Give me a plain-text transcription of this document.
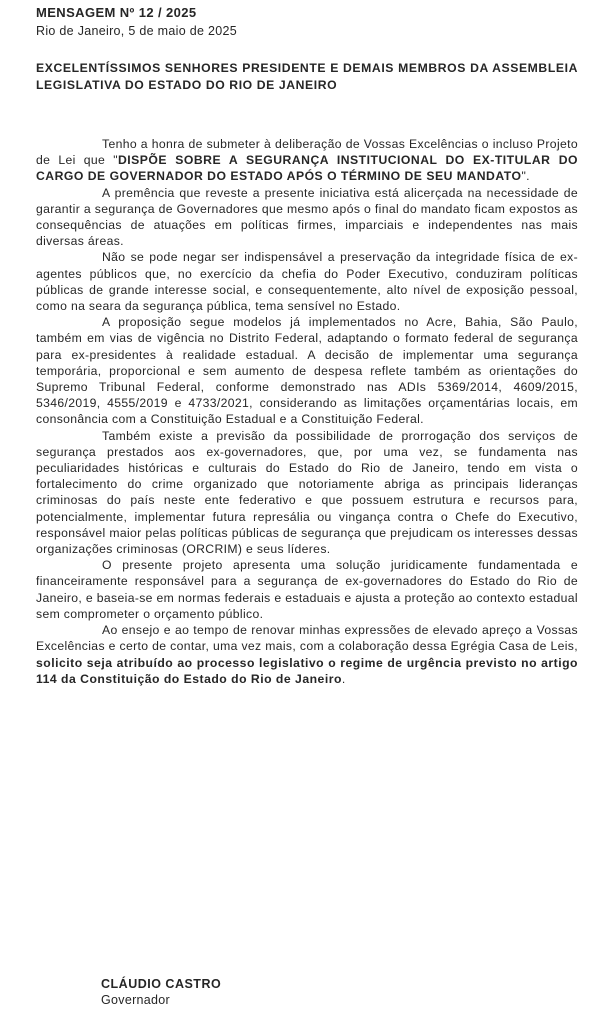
MENSAGEM Nº 12 / 2025
Rio de Janeiro, 5 de maio de 2025

EXCELENTÍSSIMOS SENHORES PRESIDENTE E DEMAIS MEMBROS DA ASSEMBLEIA LEGISLATIVA DO ESTADO DO RIO DE JANEIRO

Tenho a honra de submeter à deliberação de Vossas Excelências o incluso Projeto de Lei que "DISPÕE SOBRE A SEGURANÇA INSTITUCIONAL DO EX-TITULAR DO CARGO DE GOVERNADOR DO ESTADO APÓS O TÉRMINO DE SEU MANDATO".

A premência que reveste a presente iniciativa está alicerçada na necessidade de garantir a segurança de Governadores que mesmo após o final do mandato ficam expostos as consequências de atuações em políticas firmes, imparciais e independentes nas mais diversas áreas.

Não se pode negar ser indispensável a preservação da integridade física de ex-agentes públicos que, no exercício da chefia do Poder Executivo, conduziram políticas públicas de grande interesse social, e consequentemente, alto nível de exposição pessoal, como na seara da segurança pública, tema sensível no Estado.

A proposição segue modelos já implementados no Acre, Bahia, São Paulo, também em vias de vigência no Distrito Federal, adaptando o formato federal de segurança para ex-presidentes à realidade estadual. A decisão de implementar uma segurança temporária, proporcional e sem aumento de despesa reflete também as orientações do Supremo Tribunal Federal, conforme demonstrado nas ADIs 5369/2014, 4609/2015, 5346/2019, 4555/2019 e 4733/2021, considerando as limitações orçamentárias locais, em consonância com a Constituição Estadual e a Constituição Federal.

Também existe a previsão da possibilidade de prorrogação dos serviços de segurança prestados aos ex-governadores, que, por uma vez, se fundamenta nas peculiaridades históricas e culturais do Estado do Rio de Janeiro, tendo em vista o fortalecimento do crime organizado que notoriamente abriga as principais lideranças criminosas do país neste ente federativo e que possuem estrutura e recursos para, potencialmente, implementar futura represália ou vingança contra o Chefe do Executivo, responsável maior pelas políticas públicas de segurança que prejudicam os interesses dessas organizações criminosas (ORCRIM) e seus líderes.

O presente projeto apresenta uma solução juridicamente fundamentada e financeiramente responsável para a segurança de ex-governadores do Estado do Rio de Janeiro, e baseia-se em normas federais e estaduais e ajusta a proteção ao contexto estadual sem comprometer o orçamento público.

Ao ensejo e ao tempo de renovar minhas expressões de elevado apreço a Vossas Excelências e certo de contar, uma vez mais, com a colaboração dessa Egrégia Casa de Leis, solicito seja atribuído ao processo legislativo o regime de urgência previsto no artigo 114 da Constituição do Estado do Rio de Janeiro.

CLÁUDIO CASTRO
Governador
